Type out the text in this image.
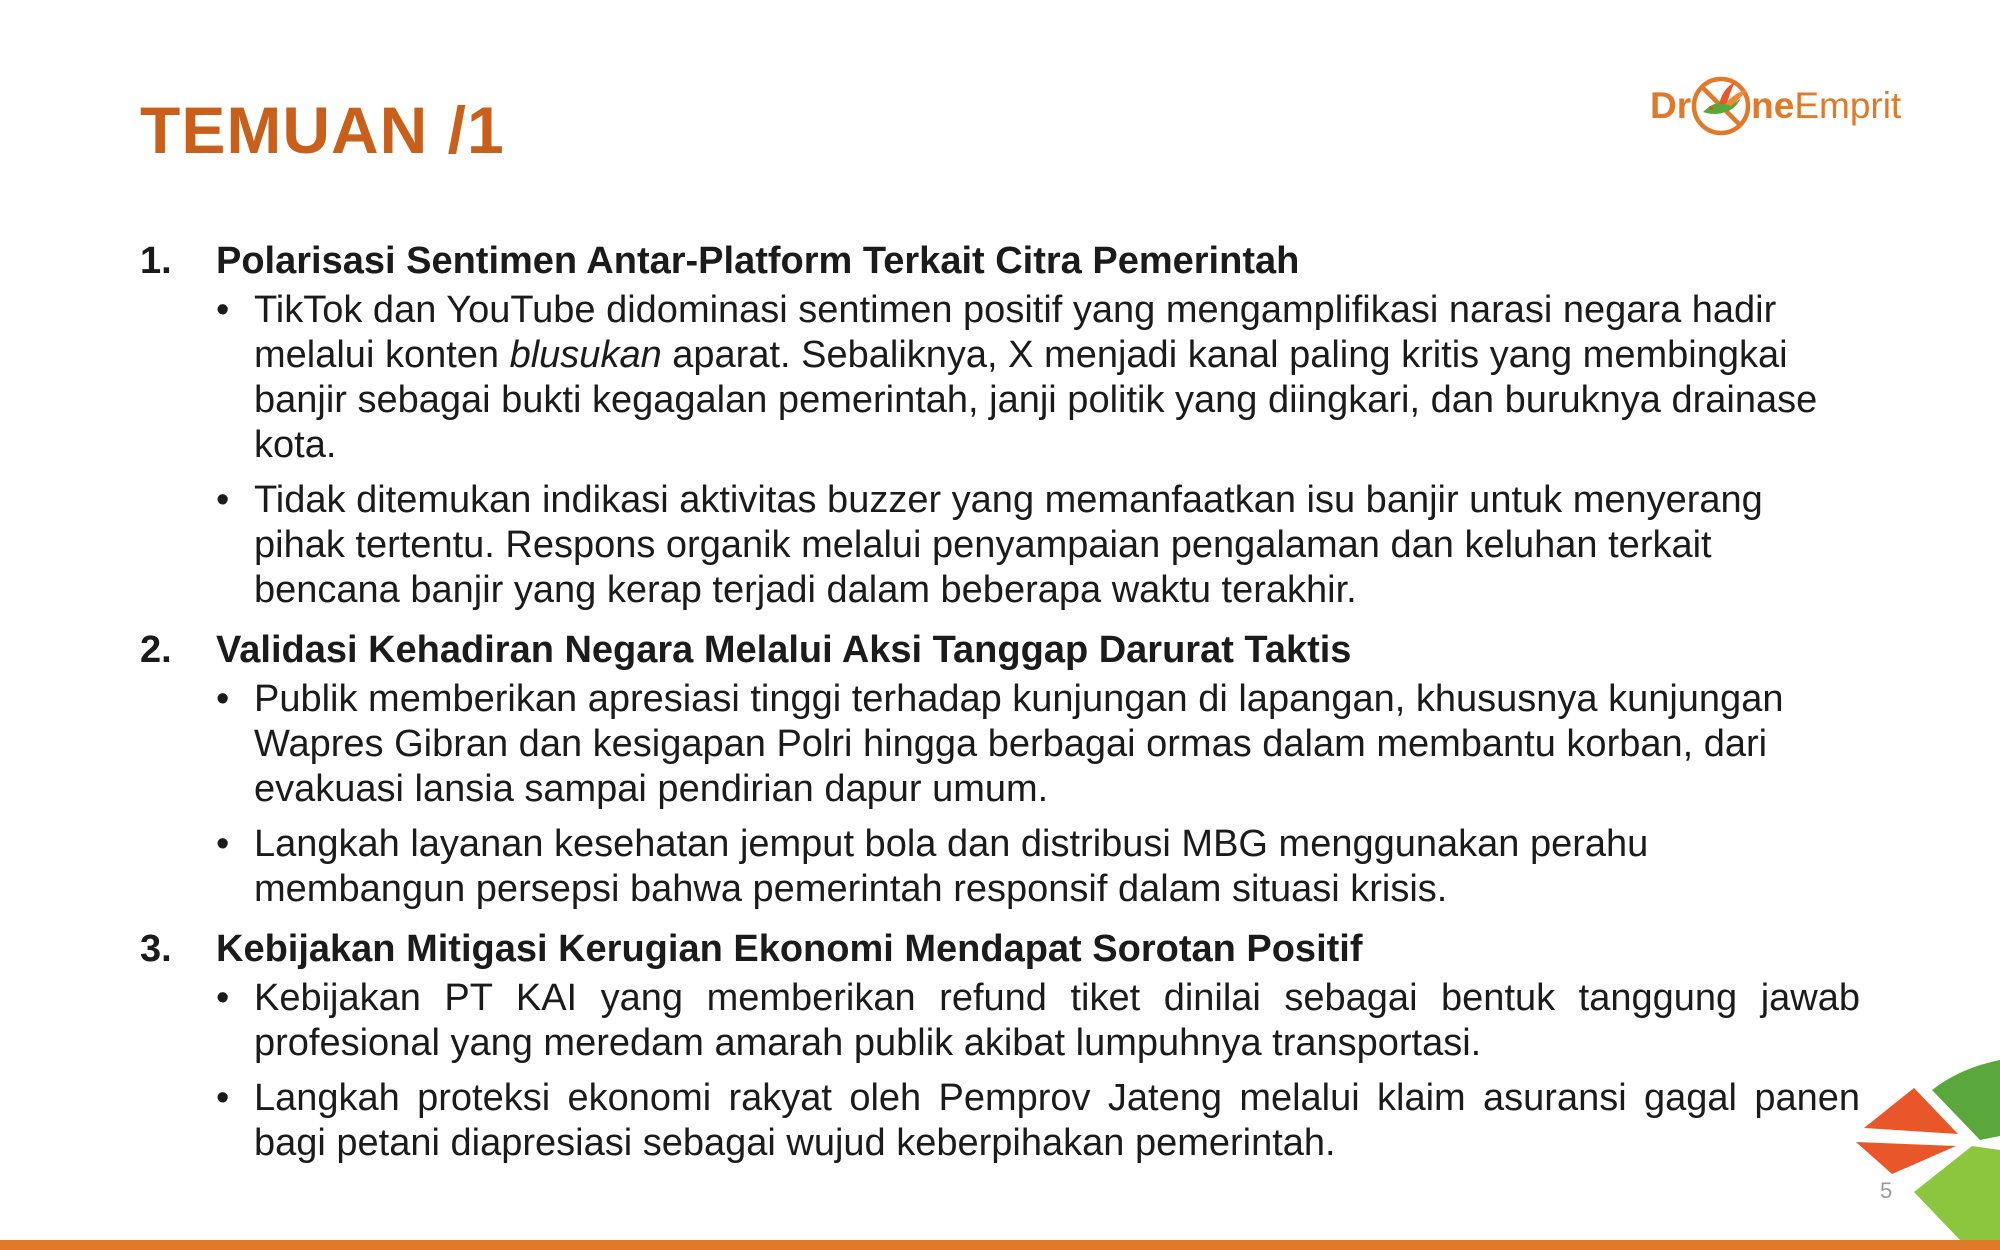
TEMUAN /1	Dr ne Emprit
1.	Polarisasi Sentimen Antar-Platform Terkait Citra Pemerintah
• TikTok dan YouTube didominasi sentimen positif yang mengamplifikasi narasi negara hadir melalui konten blusukan aparat. Sebaliknya, X menjadi kanal paling kritis yang membingkai banjir sebagai bukti kegagalan pemerintah, janji politik yang diingkari, dan buruknya drainase kota.
• Tidak ditemukan indikasi aktivitas buzzer yang memanfaatkan isu banjir untuk menyerang pihak tertentu. Respons organik melalui penyampaian pengalaman dan keluhan terkait bencana banjir yang kerap terjadi dalam beberapa waktu terakhir.
2.	Validasi Kehadiran Negara Melalui Aksi Tanggap Darurat Taktis
• Publik memberikan apresiasi tinggi terhadap kunjungan di lapangan, khususnya kunjungan Wapres Gibran dan kesigapan Polri hingga berbagai ormas dalam membantu korban, dari evakuasi lansia sampai pendirian dapur umum.
• Langkah layanan kesehatan jemput bola dan distribusi MBG menggunakan perahu membangun persepsi bahwa pemerintah responsif dalam situasi krisis.
3.	Kebijakan Mitigasi Kerugian Ekonomi Mendapat Sorotan Positif
• Kebijakan PT KAI yang memberikan refund tiket dinilai sebagai bentuk tanggung jawab profesional yang meredam amarah publik akibat lumpuhnya transportasi.
• Langkah proteksi ekonomi rakyat oleh Pemprov Jateng melalui klaim asuransi gagal panen bagi petani diapresiasi sebagai wujud keberpihakan pemerintah.
5
